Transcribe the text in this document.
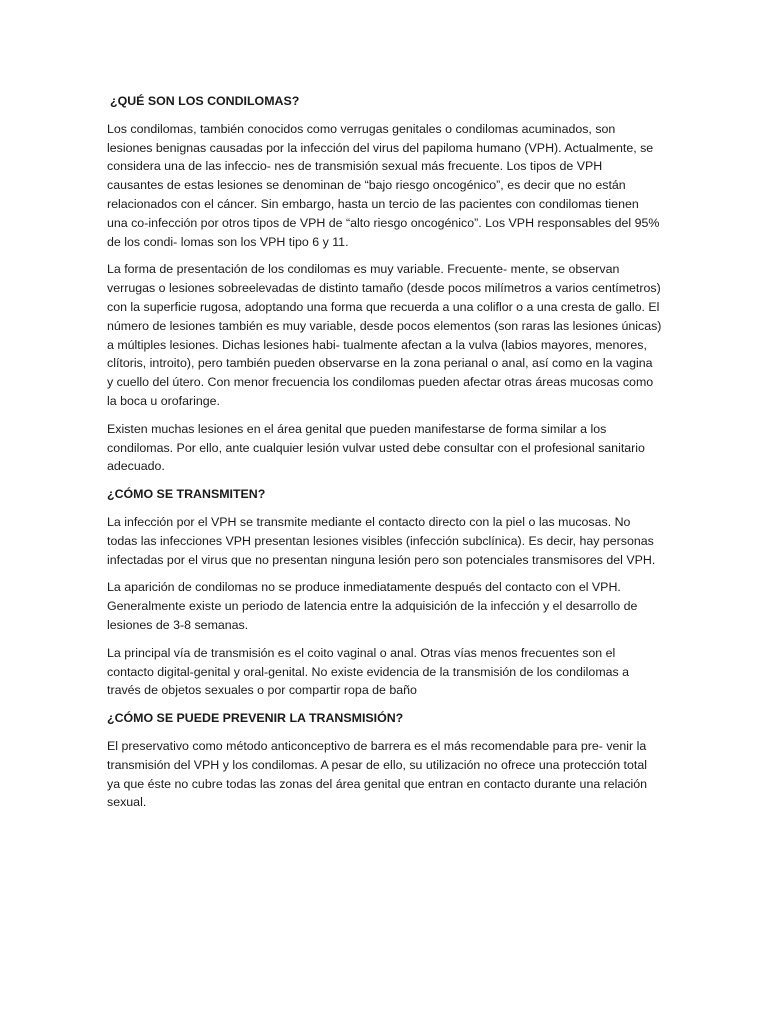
¿QUÉ SON LOS CONDILOMAS?

Los condilomas, también conocidos como verrugas genitales o condilomas acuminados, son lesiones benignas causadas por la infección del virus del papiloma humano (VPH). Actualmente, se considera una de las infeccio- nes de transmisión sexual más frecuente. Los tipos de VPH causantes de estas lesiones se denominan de “bajo riesgo oncogénico”, es decir que no están relacionados con el cáncer. Sin embargo, hasta un tercio de las pacientes con condilomas tienen una co-infección por otros tipos de VPH de “alto riesgo oncogénico”. Los VPH responsables del 95% de los condi- lomas son los VPH tipo 6 y 11.

La forma de presentación de los condilomas es muy variable. Frecuente- mente, se observan verrugas o lesiones sobreelevadas de distinto tamaño (desde pocos milímetros a varios centímetros) con la superficie rugosa, adoptando una forma que recuerda a una coliflor o a una cresta de gallo. El número de lesiones también es muy variable, desde pocos elementos (son raras las lesiones únicas) a múltiples lesiones. Dichas lesiones habi- tualmente afectan a la vulva (labios mayores, menores, clítoris, introito), pero también pueden observarse en la zona perianal o anal, así como en la vagina y cuello del útero. Con menor frecuencia los condilomas pueden afectar otras áreas mucosas como la boca u orofaringe.

Existen muchas lesiones en el área genital que pueden manifestarse de forma similar a los condilomas. Por ello, ante cualquier lesión vulvar usted debe consultar con el profesional sanitario adecuado.

¿CÓMO SE TRANSMITEN?

La infección por el VPH se transmite mediante el contacto directo con la piel o las mucosas. No todas las infecciones VPH presentan lesiones visibles (infección subclínica). Es decir, hay personas infectadas por el virus que no presentan ninguna lesión pero son potenciales transmisores del VPH.

La aparición de condilomas no se produce inmediatamente después del contacto con el VPH. Generalmente existe un periodo de latencia entre la adquisición de la infección y el desarrollo de lesiones de 3-8 semanas.

La principal vía de transmisión es el coito vaginal o anal. Otras vías menos frecuentes son el contacto digital-genital y oral-genital. No existe evidencia de la transmisión de los condilomas a través de objetos sexuales o por compartir ropa de baño

¿CÓMO SE PUEDE PREVENIR LA TRANSMISIÓN?

El preservativo como método anticonceptivo de barrera es el más recomendable para pre- venir la transmisión del VPH y los condilomas. A pesar de ello, su utilización no ofrece una protección total ya que éste no cubre todas las zonas del área genital que entran en contacto durante una relación sexual.
